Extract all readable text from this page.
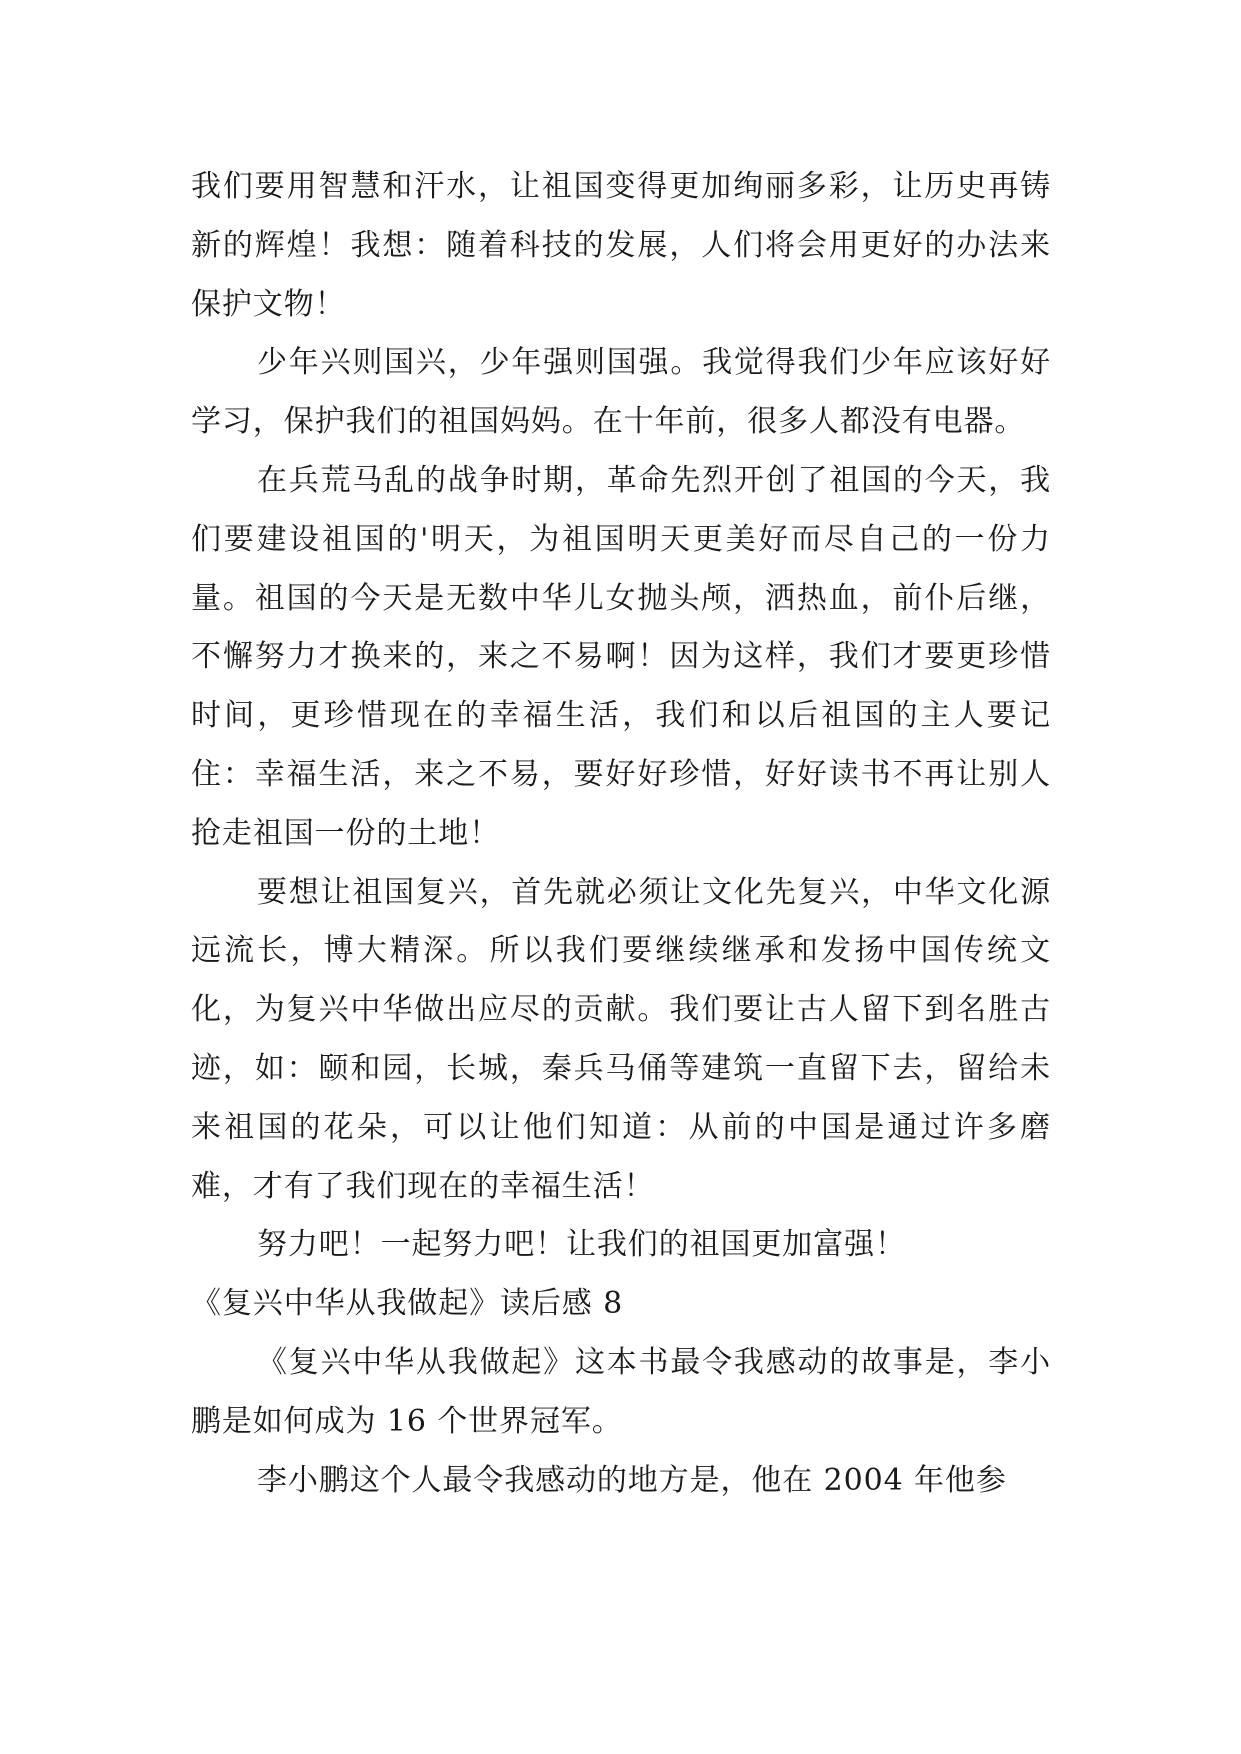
我们要用智慧和汗水，让祖国变得更加绚丽多彩，让历史再铸新的辉煌！我想：随着科技的发展，人们将会用更好的办法来保护文物！

少年兴则国兴，少年强则国强。我觉得我们少年应该好好学习，保护我们的祖国妈妈。在十年前，很多人都没有电器。

在兵荒马乱的战争时期，革命先烈开创了祖国的今天，我们要建设祖国的'明天，为祖国明天更美好而尽自己的一份力量。祖国的今天是无数中华儿女抛头颅，洒热血，前仆后继，不懈努力才换来的，来之不易啊！因为这样，我们才要更珍惜时间，更珍惜现在的幸福生活，我们和以后祖国的主人要记住：幸福生活，来之不易，要好好珍惜，好好读书不再让别人抢走祖国一份的土地！

要想让祖国复兴，首先就必须让文化先复兴，中华文化源远流长，博大精深。所以我们要继续继承和发扬中国传统文化，为复兴中华做出应尽的贡献。我们要让古人留下到名胜古迹，如：颐和园，长城，秦兵马俑等建筑一直留下去，留给未来祖国的花朵，可以让他们知道：从前的中国是通过许多磨难，才有了我们现在的幸福生活！

努力吧！一起努力吧！让我们的祖国更加富强！

《复兴中华从我做起》读后感 8

《复兴中华从我做起》这本书最令我感动的故事是，李小鹏是如何成为 16 个世界冠军。

李小鹏这个人最令我感动的地方是，他在 2004 年他参
